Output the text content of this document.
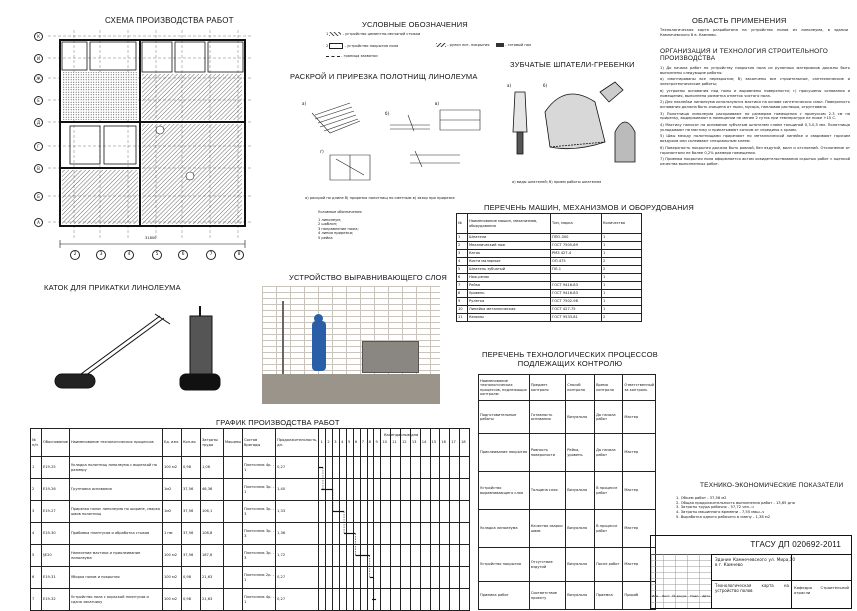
СХЕМА ПРОИЗВОДСТВА РАБОТ
31800
К
И
Ж
Е
Д
Г
В
Б
А
2	3	4	5	6	7	8
УСЛОВНЫЕ ОБОЗНАЧЕНИЯ
1	- устройство цементно-песчаной стяжки
2	- устройство покрытия пола	- рулон лит. покрытия	- готовый пол
- граница захватки
РАСКРОЙ И ПРИРЕЗКА ПОЛОТНИЩ ЛИНОЛЕУМА
а)
б)
в)
г)
а) раскрой по длине б) прирезка полотнищ по сметным в) зазор при прирезке
Условные обозначения
1 линолеум;
2 шаблон;
3 направление ножа;
4 линия прирезки;
5 рейка
ЗУБЧАТЫЕ ШПАТЕЛИ-ГРЕБЕНКИ
а)	б)
а) виды шпателей; б) прием работы шпателем
КАТОК ДЛЯ ПРИКАТКИ ЛИНОЛЕУМА
УСТРОЙСТВО ВЫРАВНИВАЮЩЕГО СЛОЯ
ПЕРЕЧЕНЬ МАШИН, МЕХАНИЗМОВ И ОБОРУДОВАНИЯ
№	Наименование машин, механизмов, оборудования	Тип, марка	Количество
1	Шпатели	ППО-300	1
2	Механический нож	ГОСТ 7505-89	1
3	Каток	РМЗ 427-4	1
4	Кисти малярные	ОП-475	2
5	Шпатель зубчатый	ПЛ-1	2
6	Нож-резак		1
7	Рейка	ГОСТ 9416-83	1
8	Уровень	ГОСТ 9416-83	1
9	Рулетка	ГОСТ 7502-98	1
10	Линейка металлическая	ГОСТ 427-75	1
11	Кельмы	ГОСТ 9533-81	2
ПЕРЕЧЕНЬ ТЕХНОЛОГИЧЕСКИХ ПРОЦЕССОВ ПОДЛЕЖАЩИХ КОНТРОЛЮ
Наименование технологических процессов, подлежащих контролю	Предмет контроля	Способ контроля	Время контроля	Ответственный за контроль
Подготовительные работы	Готовность основания	Визуально	До начала работ	Мастер
Приклеивание покрытия	Ровность поверхности	Рейка, уровень	До начала работ	Мастер
Устройство выравнивающего слоя	Толщина слоя	Визуально	В процессе работ	Мастер
Укладка линолеума	Качество сварки швов	Визуально	В процессе работ	Мастер
Устройство покрытия	Отсутствие вздутий	Визуально	После работ	Мастер
Приемка работ	Соответствие проекту	Визуально	Приемка	Прораб
ГРАФИК ПРОИЗВОДСТВА РАБОТ
Календарные дни
№ п/п	Обоснование	Наименование технологических процессов	Ед. изм.	Кол-во	Затраты труда	Машины	Состав бригады	Продолжительность, дн.	1	2	3	4	5	6	7	8	9	10	11	12	13	14	15	16	17	18
1	Е19-25	Укладка полотнищ линолеума с вырезкой по размеру	100 м2	0,98	1,06		Плиточник 4р. - 1	0,27																		
2	Е19-26	Грунтовка основания	1м2	37,56	46,36		Плиточник 3р. - 1	1,40																		
3	Е19-27	Прирезка полос линолеума по ширине, сварка швов полотнищ	1м2	37,56	106,1		Плиточник 3р. - 3	1,33																		
4	Е19-30	Прибивка плинтусов и обработка стыков	1 пм	37,56	108,8		Плиточник 3р. - 3	1,36																		
5	§Е20	Нанесение мастики и приклеивание линолеума	100 м2	37,56	187,6		Плиточник 3р. - 3	1,72																		
6	Е19-31	Уборка полов и покрытия	100 м2	0,98	21,63		Плиточник 2р. - 1	0,27																		
7	Е19-32	Устройство пола с окраской плинтусов и сдача заказчику	100 м2	0,98	21,63		Плиточник 4р. - 1	0,27																		
ОБЛАСТЬ ПРИМЕНЕНИЯ
Технологическая карта разработана на устройство полов из линолеума, в здании Камнечевского 8 в. Камнево.
ОРГАНИЗАЦИЯ И ТЕХНОЛОГИЯ СТРОИТЕЛЬНОГО ПРОИЗВОДСТВА

1) До начала работ по устройству покрытия пола из рулонных материалов должны быть выполнены следующие работы:

а) смонтированы все перекрытия; б) закончены все строительные, сантехнические и электротехнические работы;

в) устроены основания под полы и выровнены поверхности; г) просушены основания и помещения, выполнена разметка отметок чистого пола.

2) Для наклейки линолеума используются мастики на основе синтетических смол. Поверхность основания должна быть очищена от пыли, мусора, наплывов раствора, огрунтована.

3) Полотнища линолеума раскраивают по размерам помещения с припуском 2-3 см на прирезку, выдерживают в помещении не менее 2 суток при температуре не ниже +15 С.

4) Мастику наносят на основание зубчатым шпателем слоем толщиной 0,3-0,5 мм. Полотнища укладывают на мастику и прикатывают катком от середины к краям.

5) Швы между полотнищами прирезают по металлической линейке и сваривают горячим воздухом или склеивают специальным клеем.

6) Поверхность покрытия должна быть ровной, без вздутий, волн и отслоений. Отклонение от горизонтали не более 0,2% размера помещения.

7) Приемка покрытия пола оформляется актом освидетельствования скрытых работ с оценкой качества выполненных работ.

ТЕХНИКО-ЭКОНОМИЧЕСКИЕ ПОКАЗАТЕЛИ
1. Объем работ - 37,56 м2
2. Общая продолжительность выполнения работ - 13,65 дня
3. Затраты труда рабочих - 57,72 чел.-ч
4. Затраты машинного времени - 7,55 маш.-ч
5. Выработка одного рабочего в смену - 1,38 м2
ТГАСУ ДП 020692-2011
Изм. Лист № докум. Подп. Дата
Здание Камнечевского ул. Мира,10 в г. Камнево
Технологическая карта на устройство полов
Кафедра Строительной отрасли
